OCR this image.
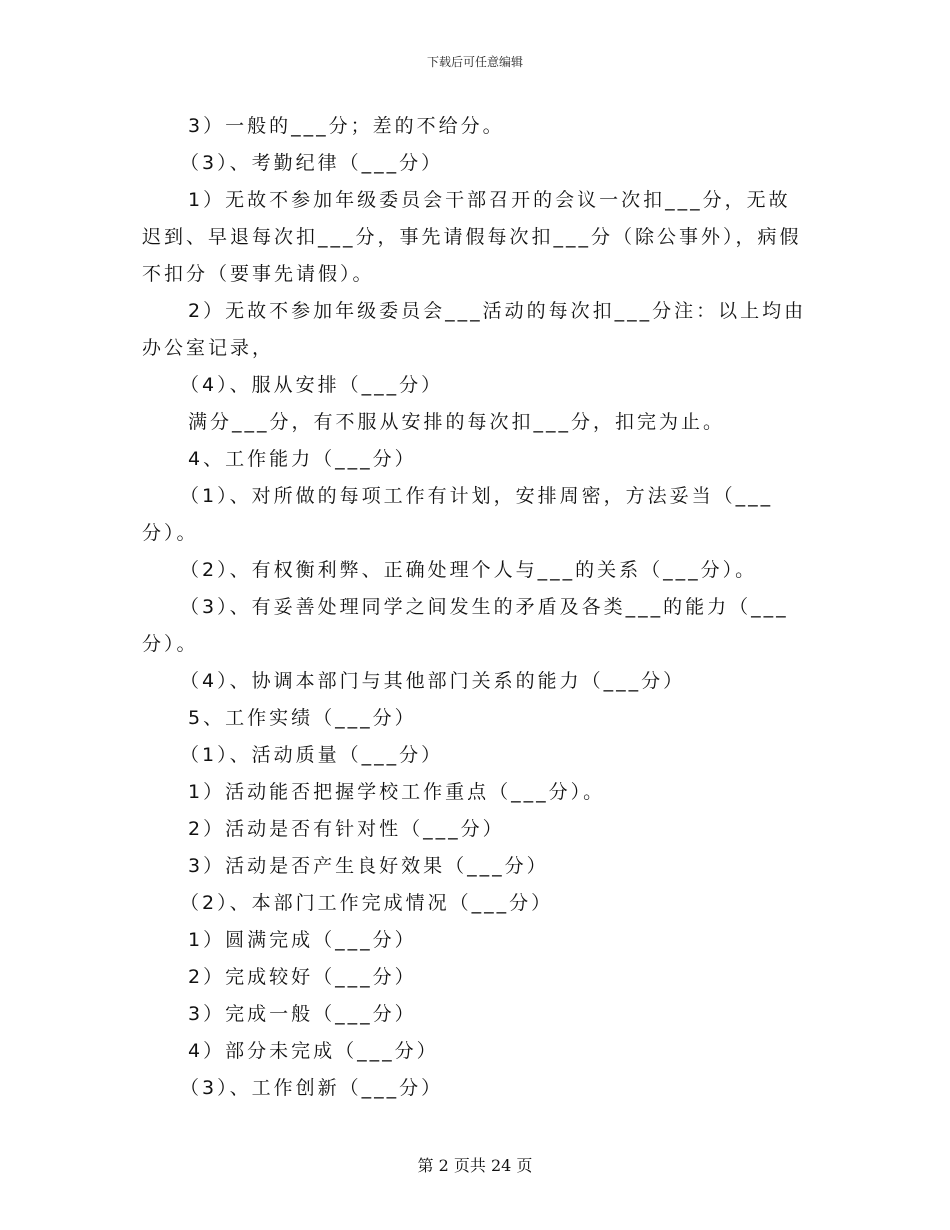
下载后可任意编辑

3）一般的___分；差的不给分。

（3）、考勤纪律（___分）

1）无故不参加年级委员会干部召开的会议一次扣___分，无故迟到、早退每次扣___分，事先请假每次扣___分（除公事外），病假不扣分（要事先请假）。

2）无故不参加年级委员会___活动的每次扣___分注：以上均由办公室记录，

（4）、服从安排（___分）

满分___分，有不服从安排的每次扣___分，扣完为止。

4、工作能力（___分）

（1）、对所做的每项工作有计划，安排周密，方法妥当（___分）。

（2）、有权衡利弊、正确处理个人与___的关系（___分）。

（3）、有妥善处理同学之间发生的矛盾及各类___的能力（___分）。

（4）、协调本部门与其他部门关系的能力（___分）

5、工作实绩（___分）

（1）、活动质量（___分）

1）活动能否把握学校工作重点（___分）。

2）活动是否有针对性（___分）

3）活动是否产生良好效果（___分）

（2）、本部门工作完成情况（___分）

1）圆满完成（___分）

2）完成较好（___分）

3）完成一般（___分）

4）部分未完成（___分）

（3）、工作创新（___分）

第 2 页共 24 页
